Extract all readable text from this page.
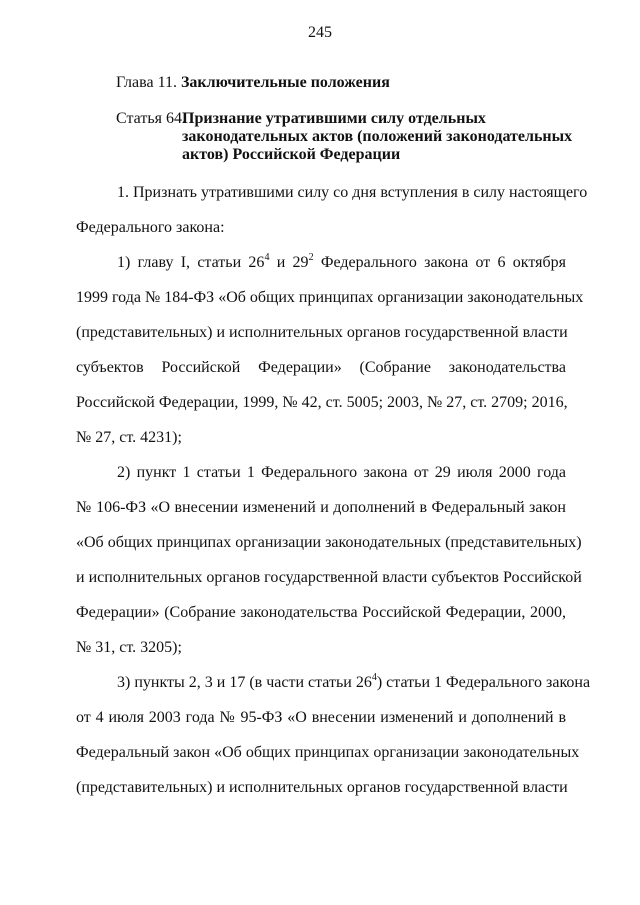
245
Глава 11. Заключительные положения
Статья 64.
Признание утратившими силу отдельных
законодательных актов (положений законодательных
актов) Российской Федерации
1. Признать утратившими силу со дня вступления в силу настоящего
Федерального закона:
1) главу I, статьи $26^4$ и $29^2$ Федерального закона от 6 октября
1999 года № 184-ФЗ «Об общих принципах организации законодательных
(представительных) и исполнительных органов государственной власти
субъектов Российской Федерации» (Собрание законодательства
Российской Федерации, 1999, № 42, ст. 5005; 2003, № 27, ст. 2709; 2016,
№ 27, ст. 4231);
2) пункт 1 статьи 1 Федерального закона от 29 июля 2000 года
№ 106-ФЗ «О внесении изменений и дополнений в Федеральный закон
«Об общих принципах организации законодательных (представительных)
и исполнительных органов государственной власти субъектов Российской
Федерации» (Собрание законодательства Российской Федерации, 2000,
№ 31, ст. 3205);
3) пункты 2, 3 и 17 (в части статьи $26^4$) статьи 1 Федерального закона
от 4 июля 2003 года № 95-ФЗ «О внесении изменений и дополнений в
Федеральный закон «Об общих принципах организации законодательных
(представительных) и исполнительных органов государственной власти
